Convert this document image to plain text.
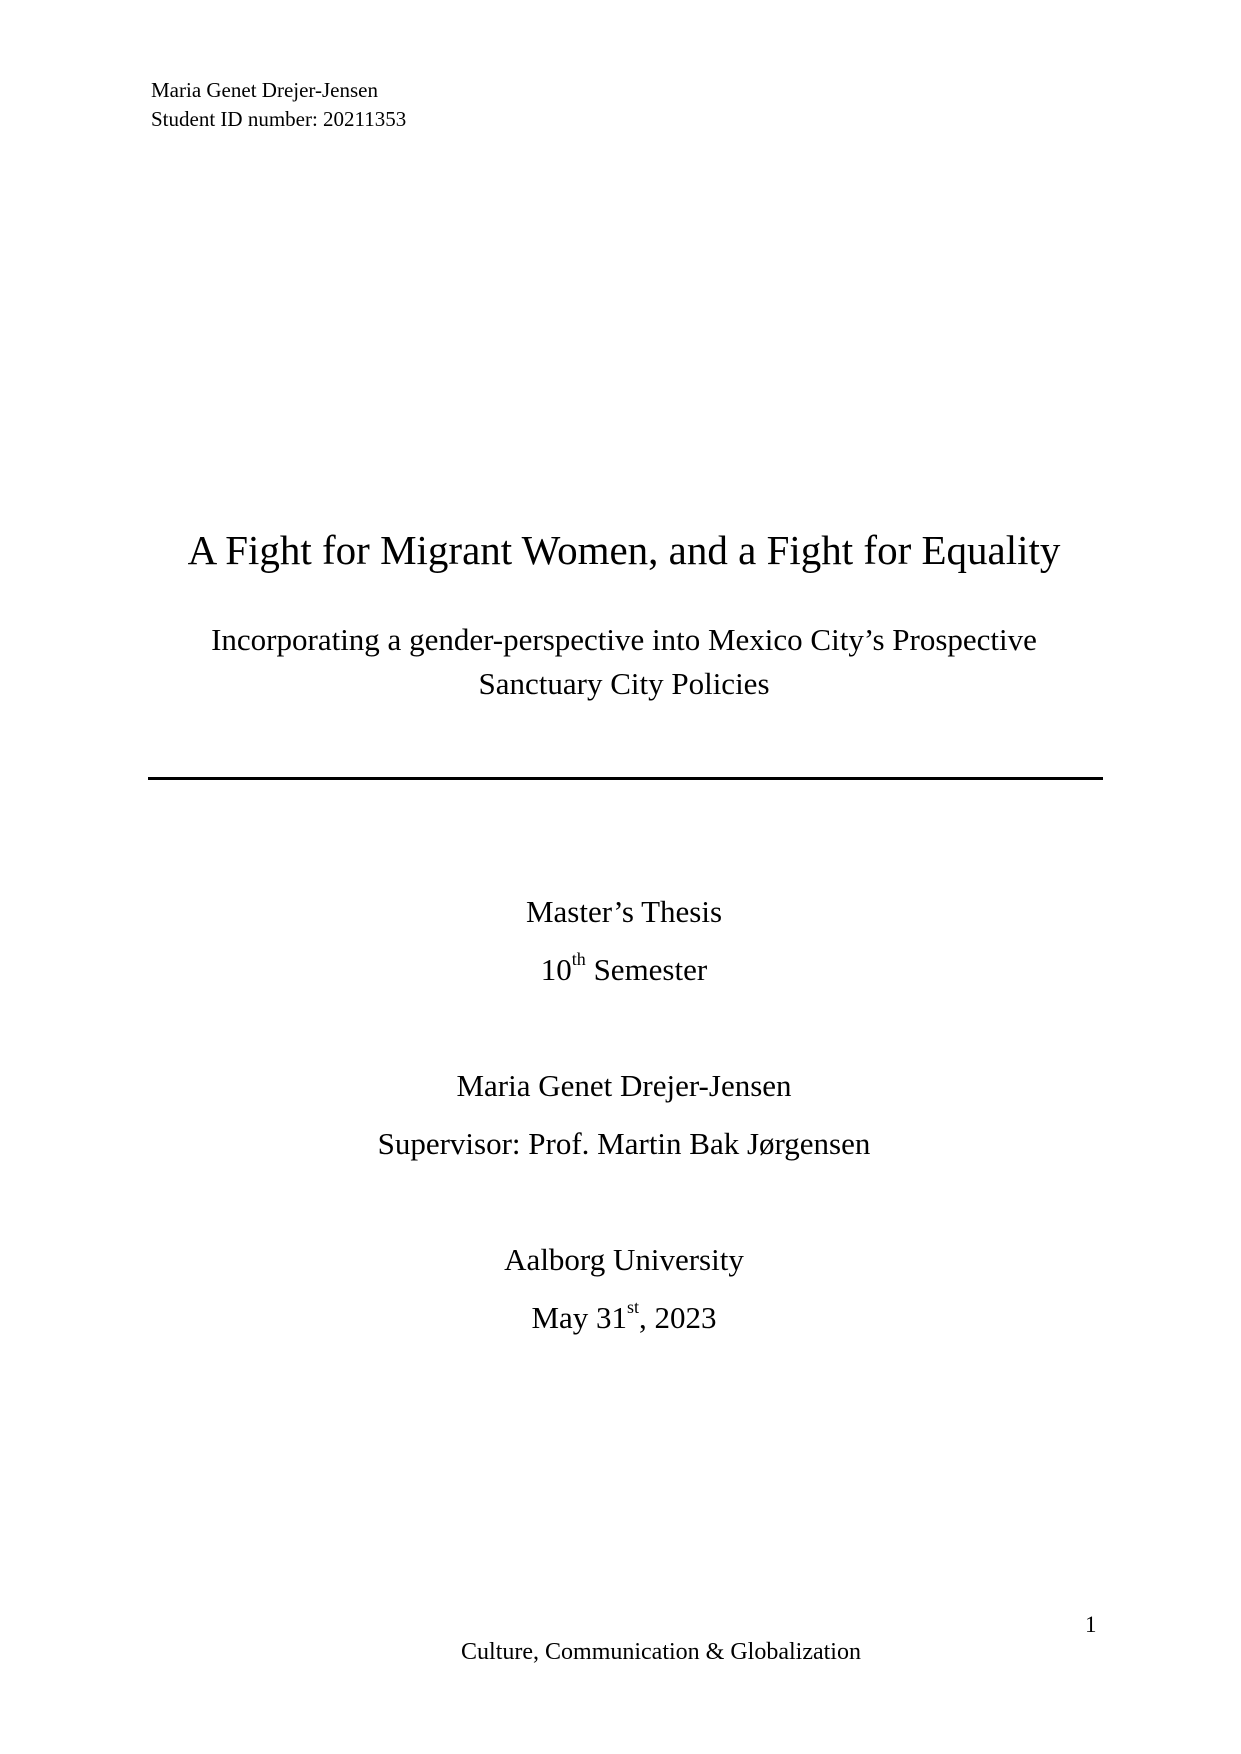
Maria Genet Drejer-Jensen
Student ID number: 20211353
A Fight for Migrant Women, and a Fight for Equality
Incorporating a gender-perspective into Mexico City’s Prospective
Sanctuary City Policies
Master’s Thesis
10th Semester
Maria Genet Drejer-Jensen
Supervisor: Prof. Martin Bak Jørgensen
Aalborg University
May 31st, 2023
1
Culture, Communication & Globalization
